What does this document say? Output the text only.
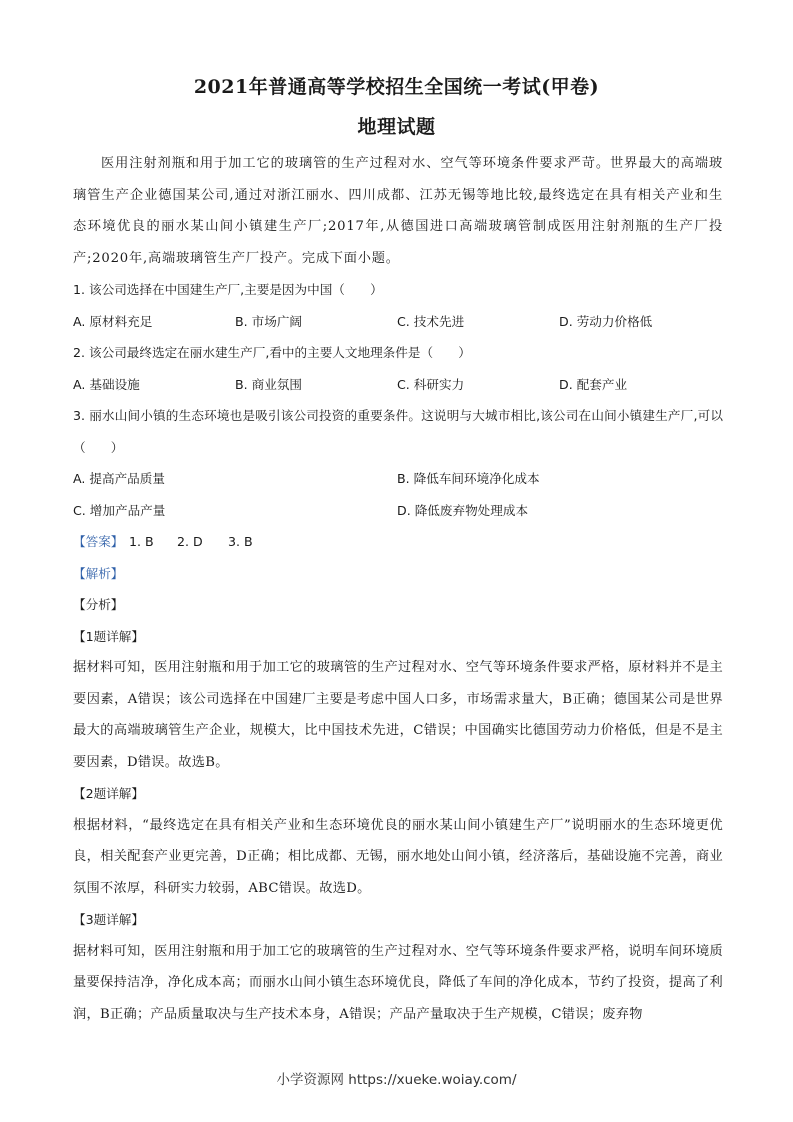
2021年普通高等学校招生全国统一考试(甲卷)
地理试题

医用注射剂瓶和用于加工它的玻璃管的生产过程对水、空气等环境条件要求严苛。世界最大的高端玻璃管生产企业德国某公司,通过对浙江丽水、四川成都、江苏无锡等地比较,最终选定在具有相关产业和生态环境优良的丽水某山间小镇建生产厂;2017年,从德国进口高端玻璃管制成医用注射剂瓶的生产厂投产;2020年,高端玻璃管生产厂投产。完成下面小题。

1. 该公司选择在中国建生产厂,主要是因为中国（　　）

A. 原材料充足	B. 市场广阔	C. 技术先进	D. 劳动力价格低

2. 该公司最终选定在丽水建生产厂,看中的主要人文地理条件是（　　）

A. 基础设施	B. 商业氛围	C. 科研实力	D. 配套产业

3. 丽水山间小镇的生态环境也是吸引该公司投资的重要条件。这说明与大城市相比,该公司在山间小镇建生产厂,可以（　　）

A. 提高产品质量	B. 降低车间环境净化成本
C. 增加产品产量	D. 降低废弃物处理成本
【答案】 1. B 2. D 3. B

【解析】

【分析】

【1题详解】

据材料可知，医用注射瓶和用于加工它的玻璃管的生产过程对水、空气等环境条件要求严格，原材料并不是主要因素，A错误；该公司选择在中国建厂主要是考虑中国人口多，市场需求量大，B正确；德国某公司是世界最大的高端玻璃管生产企业，规模大，比中国技术先进，C错误；中国确实比德国劳动力价格低，但是不是主要因素，D错误。故选B。

【2题详解】

根据材料，“最终选定在具有相关产业和生态环境优良的丽水某山间小镇建生产厂”说明丽水的生态环境更优良，相关配套产业更完善，D正确；相比成都、无锡，丽水地处山间小镇，经济落后，基础设施不完善，商业氛围不浓厚，科研实力较弱，ABC错误。故选D。

【3题详解】

据材料可知，医用注射瓶和用于加工它的玻璃管的生产过程对水、空气等环境条件要求严格，说明车间环境质量要保持洁净，净化成本高；而丽水山间小镇生态环境优良，降低了车间的净化成本，节约了投资，提高了利润，B正确；产品质量取决与生产技术本身，A错误；产品产量取决于生产规模，C错误；废弃物

小学资源网 https://xueke.woiay.com/
